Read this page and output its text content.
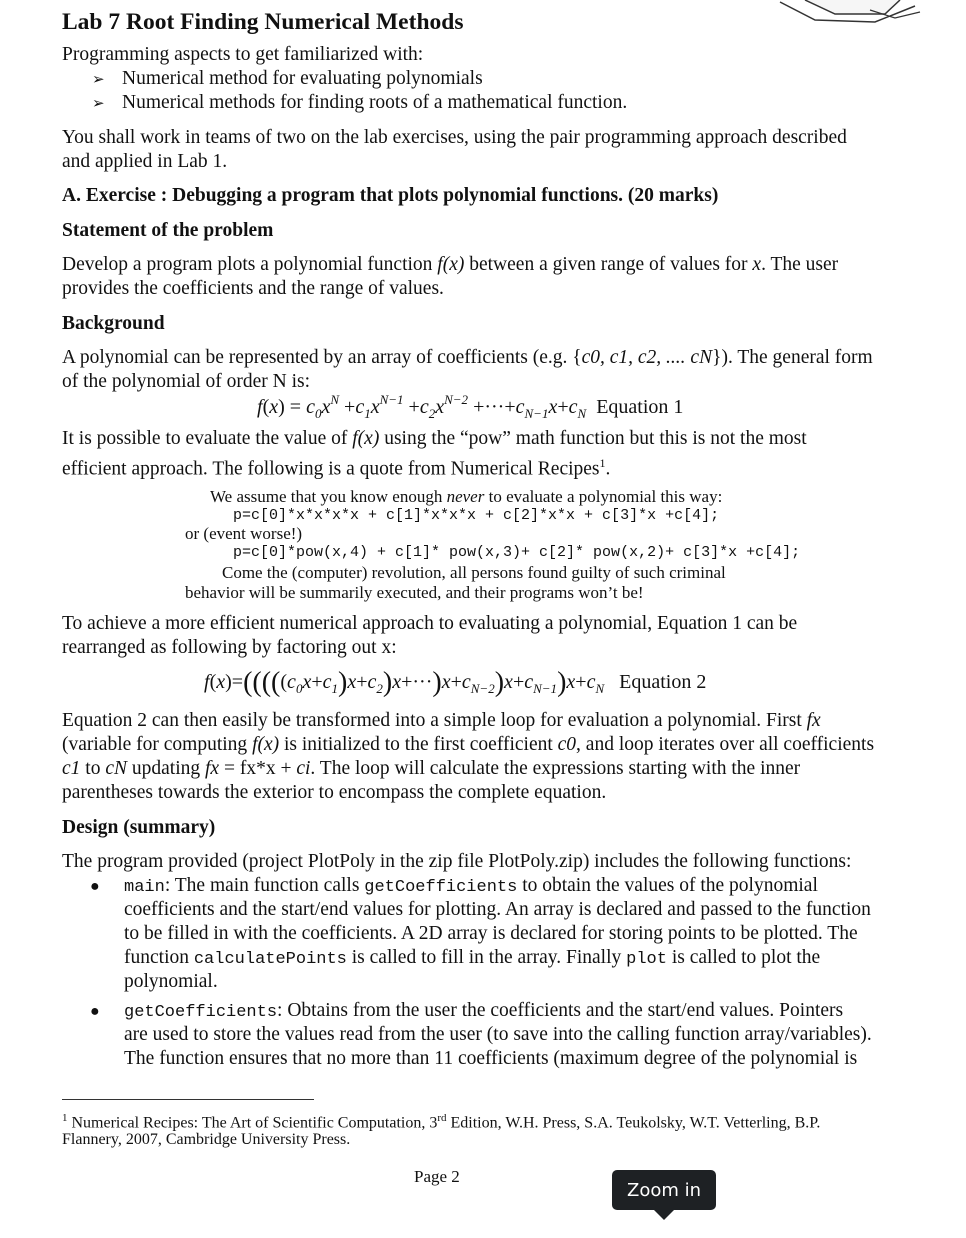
Lab 7 Root Finding Numerical Methods
Programming aspects to get familiarized with:
➢ Numerical method for evaluating polynomials
➢ Numerical methods for finding roots of a mathematical function.
You shall work in teams of two on the lab exercises, using the pair programming approach described
and applied in Lab 1.
A. Exercise : Debugging a program that plots polynomial functions. (20 marks)
Statement of the problem
Develop a program plots a polynomial function f(x) between a given range of values for x. The user
provides the coefficients and the range of values.
Background
A polynomial can be represented by an array of coefficients (e.g. {c0, c1, c2, .... cN}). The general form
of the polynomial of order N is:
$f(x) = c_0x^N +c_1x^{N-1} +c_2x^{N-2} +\cdot\cdot\cdot+c_{N-1}x+c_N$ Equation 1
It is possible to evaluate the value of f(x) using the “pow” math function but this is not the most
efficient approach. The following is a quote from Numerical Recipes$^1$.
We assume that you know enough never to evaluate a polynomial this way:
p=c[0]*x*x*x*x + c[1]*x*x*x + c[2]*x*x + c[3]*x +c[4];
or (event worse!)
p=c[0]*pow(x,4) + c[1]* pow(x,3)+ c[2]* pow(x,2)+ c[3]*x +c[4];
Come the (computer) revolution, all persons found guilty of such criminal
behavior will be summarily executed, and their programs won’t be!
To achieve a more efficient numerical approach to evaluating a polynomial, Equation 1 can be
rearranged as following by factoring out x:
$f(x)=(((((c_0x+c_1)x+c_2)x+\cdot\cdot\cdot)x+c_{N-2})x+c_{N-1})x+c_N$ Equation 2
Equation 2 can then easily be transformed into a simple loop for evaluation a polynomial. First fx
(variable for computing f(x) is initialized to the first coefficient c0, and loop iterates over all coefficients
c1 to cN updating fx = fx*x + ci. The loop will calculate the expressions starting with the inner
parentheses towards the exterior to encompass the complete equation.
Design (summary)
The program provided (project PlotPoly in the zip file PlotPoly.zip) includes the following functions:
● main: The main function calls getCoefficients to obtain the values of the polynomial
coefficients and the start/end values for plotting. An array is declared and passed to the function
to be filled in with the coefficients. A 2D array is declared for storing points to be plotted. The
function calculatePoints is called to fill in the array. Finally plot is called to plot the
polynomial.
● getCoefficients: Obtains from the user the coefficients and the start/end values. Pointers
are used to store the values read from the user (to save into the calling function array/variables).
The function ensures that no more than 11 coefficients (maximum degree of the polynomial is
$^1$ Numerical Recipes: The Art of Scientific Computation, 3rd Edition, W.H. Press, S.A. Teukolsky, W.T. Vetterling, B.P.
Flannery, 2007, Cambridge University Press.
Page 2
Zoom in
